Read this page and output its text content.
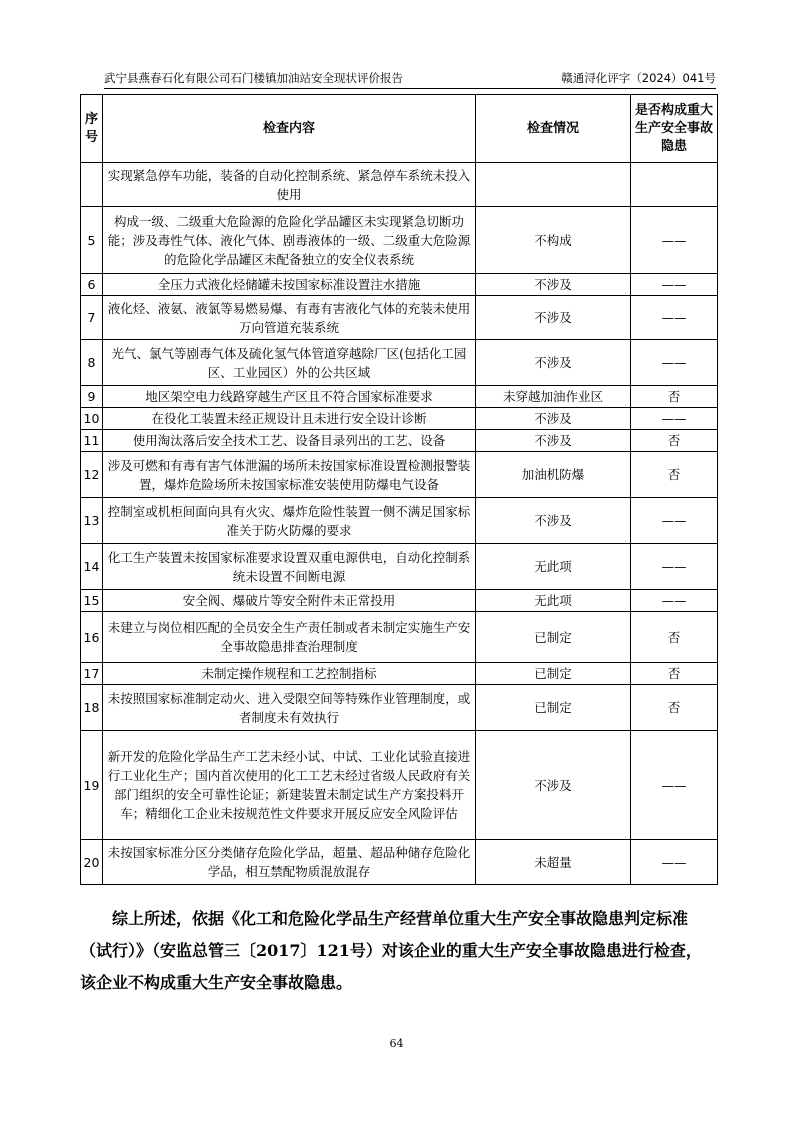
武宁县燕春石化有限公司石门楼镇加油站安全现状评价报告	赣通浔化评字（2024）041号
序号	检查内容	检查情况	是否构成重大生产安全事故隐患
	实现紧急停车功能，装备的自动化控制系统、紧急停车系统未投入使用		
5	构成一级、二级重大危险源的危险化学品罐区未实现紧急切断功能；涉及毒性气体、液化气体、剧毒液体的一级、二级重大危险源的危险化学品罐区未配备独立的安全仪表系统	不构成	——
6	全压力式液化烃储罐未按国家标准设置注水措施	不涉及	——
7	液化烃、液氨、液氯等易燃易爆、有毒有害液化气体的充装未使用万向管道充装系统	不涉及	——
8	光气、氯气等剧毒气体及硫化氢气体管道穿越除厂区(包括化工园区、工业园区）外的公共区域	不涉及	——
9	地区架空电力线路穿越生产区且不符合国家标准要求	未穿越加油作业区	否
10	在役化工装置未经正规设计且未进行安全设计诊断	不涉及	——
11	使用淘汰落后安全技术工艺、设备目录列出的工艺、设备	不涉及	否
12	涉及可燃和有毒有害气体泄漏的场所未按国家标准设置检测报警装置，爆炸危险场所未按国家标准安装使用防爆电气设备	加油机防爆	否
13	控制室或机柜间面向具有火灾、爆炸危险性装置一侧不满足国家标准关于防火防爆的要求	不涉及	——
14	化工生产装置未按国家标准要求设置双重电源供电，自动化控制系统未设置不间断电源	无此项	——
15	安全阀、爆破片等安全附件未正常投用	无此项	——
16	未建立与岗位相匹配的全员安全生产责任制或者未制定实施生产安全事故隐患排查治理制度	已制定	否
17	未制定操作规程和工艺控制指标	已制定	否
18	未按照国家标准制定动火、进入受限空间等特殊作业管理制度，或者制度未有效执行	已制定	否
19	新开发的危险化学品生产工艺未经小试、中试、工业化试验直接进行工业化生产；国内首次使用的化工工艺未经过省级人民政府有关部门组织的安全可靠性论证；新建装置未制定试生产方案投料开车；精细化工企业未按规范性文件要求开展反应安全风险评估	不涉及	——
20	未按国家标准分区分类储存危险化学品，超量、超品种储存危险化学品，相互禁配物质混放混存	未超量	——

综上所述，依据《化工和危险化学品生产经营单位重大生产安全事故隐患判定标准（试行）》（安监总管三〔2017〕121号）对该企业的重大生产安全事故隐患进行检查，该企业不构成重大生产安全事故隐患。

64
